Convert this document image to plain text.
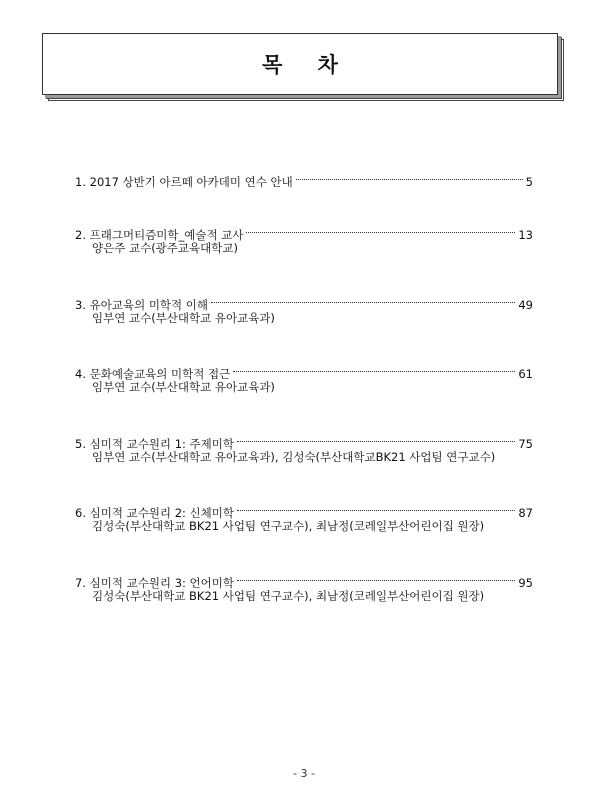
목 차
1. 2017 상반기 아르떼 아카데미 연수 안내	5
2. 프래그머티즘미학_예술적 교사	13
양은주 교수(광주교육대학교)
3. 유아교육의 미학적 이해	49
임부연 교수(부산대학교 유아교육과)
4. 문화예술교육의 미학적 접근	61
임부연 교수(부산대학교 유아교육과)
5. 심미적 교수원리 1: 주제미학	75
임부연 교수(부산대학교 유아교육과), 김성숙(부산대학교BK21 사업팀 연구교수)
6. 심미적 교수원리 2: 신체미학	87
김성숙(부산대학교 BK21 사업팀 연구교수), 최남정(코레일부산어린이집 원장)
7. 심미적 교수원리 3: 언어미학	95
김성숙(부산대학교 BK21 사업팀 연구교수), 최남정(코레일부산어린이집 원장)
- 3 -
